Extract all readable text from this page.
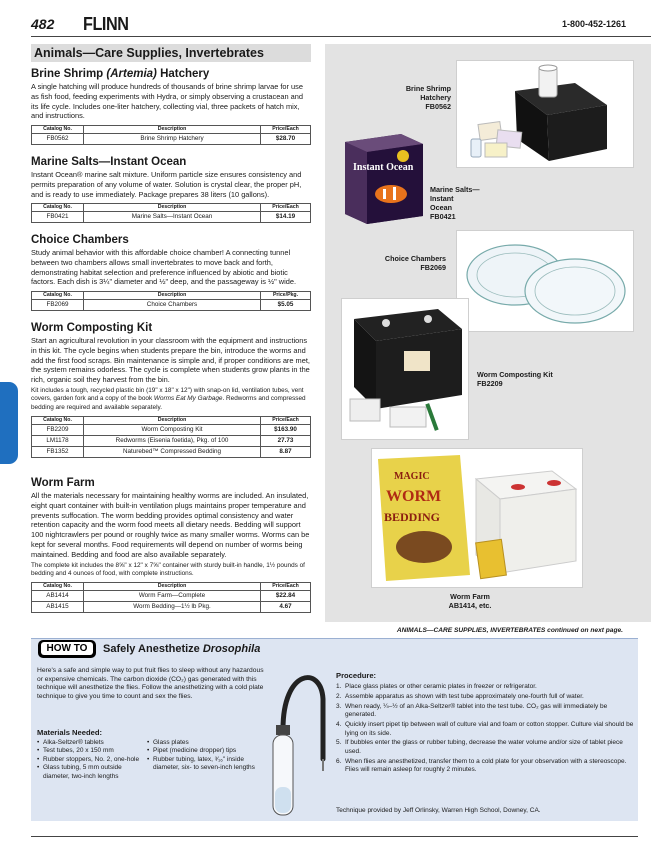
482 FLINN	1-800-452-1261
Animals—Care Supplies, Invertebrates
Brine Shrimp (Artemia) Hatchery

A single hatching will produce hundreds of thousands of brine shrimp larvae for use as fish food, feeding experiments with Hydra, or simply observing a crustacean and its life cycle. Includes one-liter hatchery, collecting vial, three packets of hatch mix, and instructions.

Catalog No.	Description	Price/Each
FB0562	Brine Shrimp Hatchery	$28.70
Marine Salts—Instant Ocean

Instant Ocean® marine salt mixture. Uniform particle size ensures consistency and permits preparation of any volume of water. Solution is crystal clear, the proper pH, and is ready to use immediately. Package prepares 38 liters (10 gallons).

Catalog No.	Description	Price/Each
FB0421	Marine Salts—Instant Ocean	$14.19
Choice Chambers

Study animal behavior with this affordable choice chamber! A connecting tunnel between two chambers allows small invertebrates to move back and forth, demonstrating habitat selection and preference influenced by abiotic and biotic factors. Each dish is 3¼" diameter and ½" deep, and the passageway is ½" wide.

Catalog No.	Description	Price/Pkg.
FB2069	Choice Chambers	$5.05
Worm Composting Kit

Start an agricultural revolution in your classroom with the equipment and instructions in this kit. The cycle begins when students prepare the bin, introduce the worms and add the first food scraps. Bin maintenance is simple and, if proper conditions are met, the system remains odorless. The cycle is complete when students grow plants in the rich, organic soil they harvest from the bin.

Kit includes a tough, recycled plastic bin (19" x 18" x 12") with snap-on lid, ventilation tubes, vent covers, garden fork and a copy of the book Worms Eat My Garbage. Redworms and compressed bedding are required and available separately.

Catalog No.	Description	Price/Each
FB2209	Worm Composting Kit	$163.90
LM1178	Redworms (Eisenia foetida), Pkg. of 100	27.73
FB1352	Naturebed™ Compressed Bedding	8.87
Worm Farm

All the materials necessary for maintaining healthy worms are included. An insulated, eight quart container with built-in ventilation plugs maintains proper temperature and prevents suffocation. The worm bedding provides optimal consistency and water retention capacity and the worm food meets all dietary needs. Bedding will support 100 nightcrawlers per pound or roughly twice as many smaller worms. Worms can be kept for several months. Food requirements will depend on number of worms being maintained. Bedding and food are also available separately.

The complete kit includes the 8⅝" x 12" x 7⅝" container with sturdy built-in handle, 1½ pounds of bedding and 4 ounces of food, with complete instructions.

Catalog No.	Description	Price/Each
AB1414	Worm Farm—Complete	$22.84
AB1415	Worm Bedding—1½ lb Pkg.	4.67
Brine Shrimp
Hatchery
FB0562
Instant Ocean
Marine Salts—
Instant
Ocean
FB0421
Choice Chambers
FB2069
Worm Composting Kit
FB2209
MAGIC
WORM
BEDDING
Worm Farm
AB1414, etc.
ANIMALS—CARE SUPPLIES, INVERTEBRATES continued on next page.
HOW TO	Safely Anesthetize Drosophila

Here's a safe and simple way to put fruit flies to sleep without any hazardous or expensive chemicals. The carbon dioxide (CO₂) gas generated with this technique will anesthetize the flies. Follow the anesthetizing with a cold plate technique to give you time to count and sex the flies.

Materials Needed:
• Alka-Seltzer® tablets
• Test tubes, 20 x 150 mm
• Rubber stoppers, No. 2, one-hole
• Glass tubing, 5 mm outside diameter, two-inch lengths
• Glass plates
• Pipet (medicine dropper) tips
• Rubber tubing, latex, ³⁄₁₆" inside diameter, six- to seven-inch lengths
Procedure:
1. Place glass plates or other ceramic plates in freezer or refrigerator.
2. Assemble apparatus as shown with test tube approximately one-fourth full of water.
3. When ready, ¼–½ of an Alka-Seltzer® tablet into the test tube. CO₂ gas will immediately be generated.
4. Quickly insert pipet tip between wall of culture vial and foam or cotton stopper. Culture vial should be lying on its side.
5. If bubbles enter the glass or rubber tubing, decrease the water volume and/or size of tablet piece used.
6. When flies are anesthetized, transfer them to a cold plate for your observation with a stereoscope. Flies will remain asleep for roughly 2 minutes.
Technique provided by Jeff Orlinsky, Warren High School, Downey, CA.
